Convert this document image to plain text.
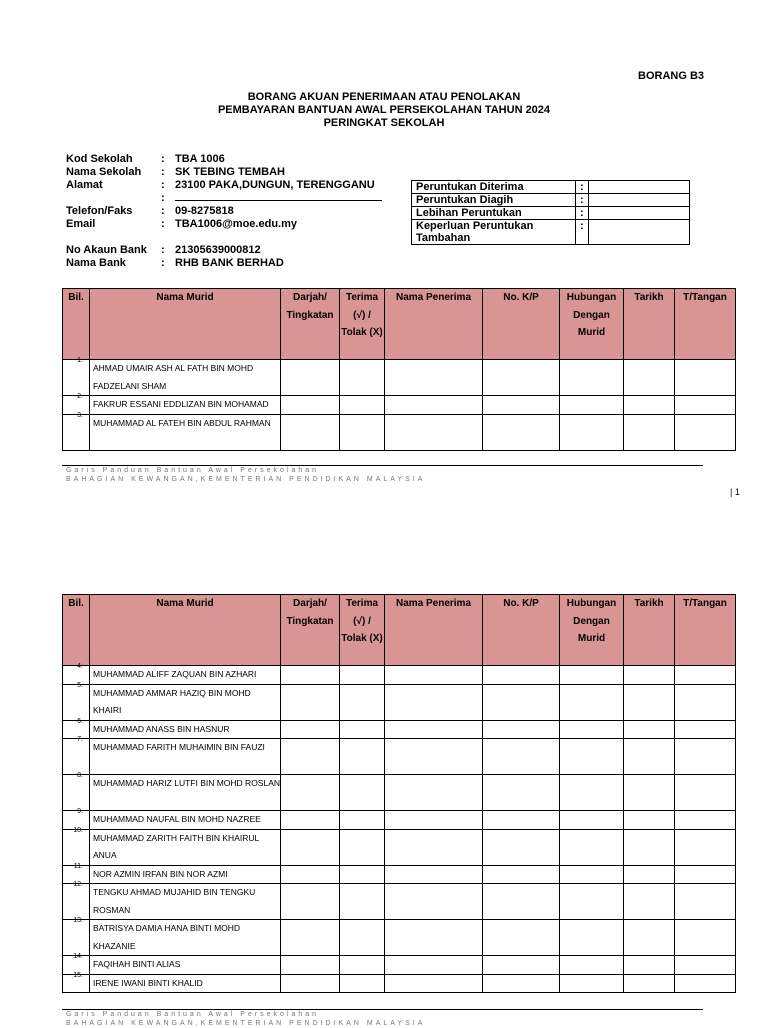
BORANG B3
BORANG AKUAN PENERIMAAN ATAU PENOLAKAN
PEMBAYARAN BANTUAN AWAL PERSEKOLAHAN TAHUN 2024
PERINGKAT SEKOLAH
Kod Sekolah	: TBA 1006
Nama Sekolah	: SK TEBING TEMBAH
Alamat	: 23100 PAKA,DUNGUN, TERENGGANU
:
Telefon/Faks	: 09-8275818
Email	: TBA1006@moe.edu.my
No Akaun Bank	: 21305639000812
Nama Bank	: RHB BANK BERHAD
Peruntukan Diterima	:	
Peruntukan Diagih	:	
Lebihan Peruntukan	:	
Keperluan Peruntukan Tambahan	:	
Bil.	Nama Murid	Darjah/ Tingkatan	Terima (√) / Tolak (X)	Nama Penerima	No. K/P	Hubungan Dengan Murid	Tarikh	T/Tangan

1.	AHMAD UMAIR ASH AL FATH BIN MOHD FADZELANI SHAM							

2.	FAKRUR ESSANI EDDLIZAN BIN MOHAMAD							

3.	MUHAMMAD AL FATEH BIN ABDUL RAHMAN							
Garis Panduan Bantuan Awal Persekolahan
BAHAGIAN KEWANGAN,KEMENTERIAN PENDIDIKAN MALAYSIA
| 1
Bil.	Nama Murid	Darjah/ Tingkatan	Terima (√) / Tolak (X)	Nama Penerima	No. K/P	Hubungan Dengan Murid	Tarikh	T/Tangan

4.	MUHAMMAD ALIFF ZAQUAN BIN AZHARI							

5.	MUHAMMAD AMMAR HAZIQ BIN MOHD KHAIRI							

6.	MUHAMMAD ANASS BIN HASNUR							

7.	MUHAMMAD FARITH MUHAIMIN BIN FAUZI							

8.	MUHAMMAD HARIZ LUTFI BIN MOHD ROSLAN							

9.	MUHAMMAD NAUFAL BIN MOHD NAZREE							

10.	MUHAMMAD ZARITH FAITH BIN KHAIRUL ANUA							

11.	NOR AZMIN IRFAN BIN NOR AZMI							

12.	TENGKU AHMAD MUJAHID BIN TENGKU ROSMAN							

13.	BATRISYA DAMIA HANA BINTI MOHD KHAZANIE							

14.	FAQIHAH BINTI ALIAS							

15.	IRENE IWANI BINTI KHALID							
Garis Panduan Bantuan Awal Persekolahan
BAHAGIAN KEWANGAN,KEMENTERIAN PENDIDIKAN MALAYSIA
